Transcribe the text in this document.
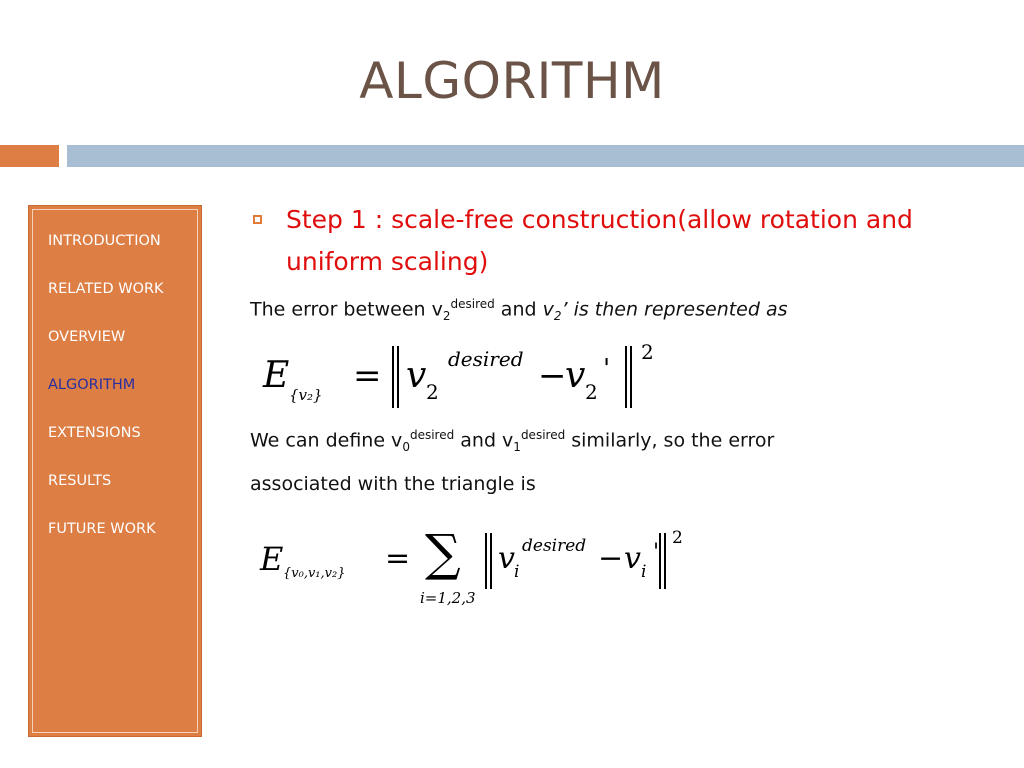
ALGORITHM
INTRODUCTION
RELATED WORK
OVERVIEW
ALGORITHM
EXTENSIONS
RESULTS
FUTURE WORK
Step 1 : scale-free construction(allow rotation and uniform scaling)
The error between $v_2^{desired}$ and $v_2$’ is then represented as
E {v₂} = v 2
desired −
v 2
'
2
We can define $v_0^{desired}$ and $v_1^{desired}$ similarly, so the error
associated with the triangle is
E {v₀,v₁,v₂} = ∑
i=1,2,3
v i
desired − v i
'
2
